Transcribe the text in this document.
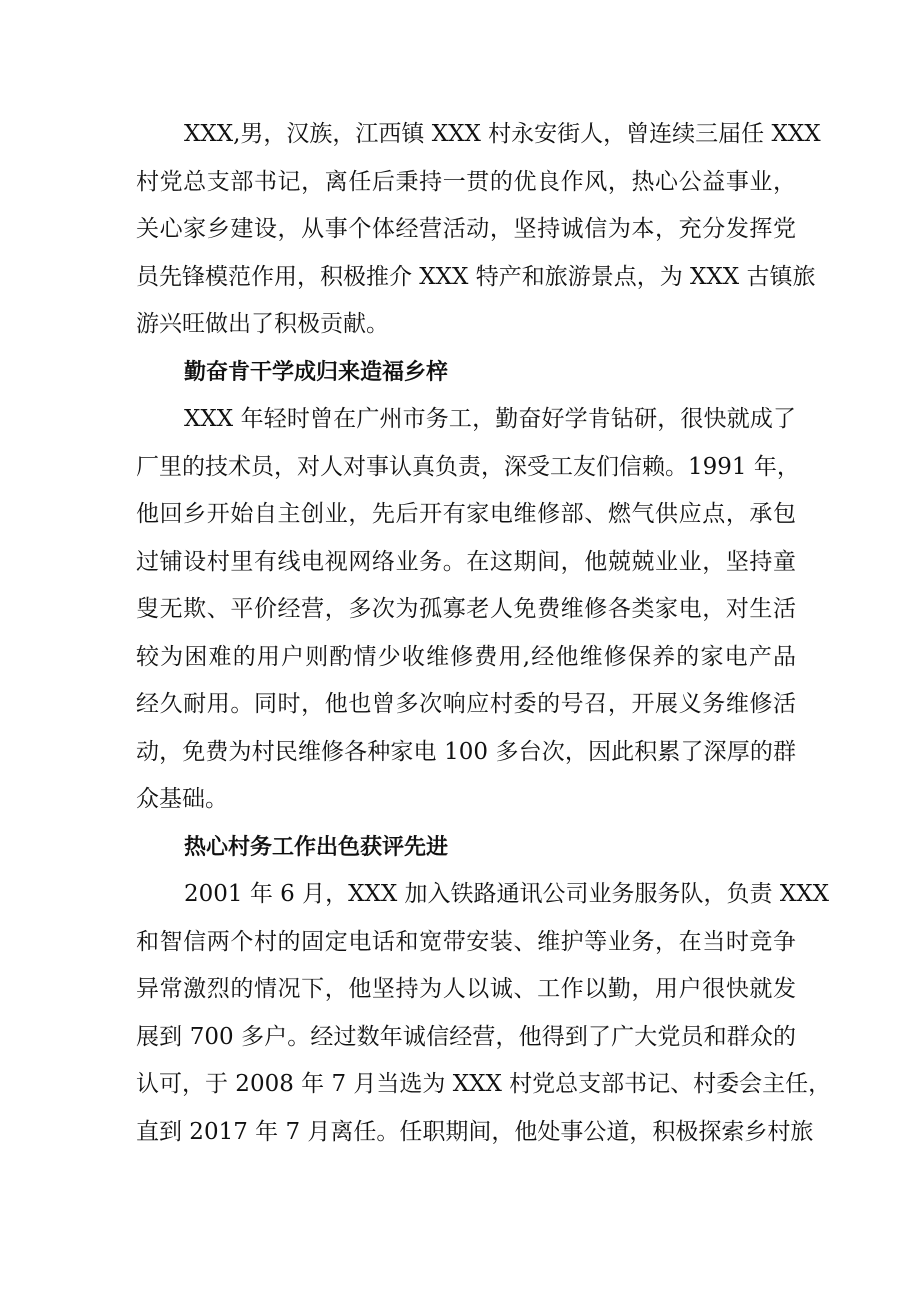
XXX,男，汉族，江西镇 XXX 村永安街人，曾连续三届任 XXX
村党总支部书记，离任后秉持一贯的优良作风，热心公益事业，
关心家乡建设，从事个体经营活动，坚持诚信为本，充分发挥党
员先锋模范作用，积极推介 XXX 特产和旅游景点，为 XXX 古镇旅
游兴旺做出了积极贡献。
勤奋肯干学成归来造福乡梓
XXX 年轻时曾在广州市务工，勤奋好学肯钻研，很快就成了
厂里的技术员，对人对事认真负责，深受工友们信赖。1991 年，
他回乡开始自主创业，先后开有家电维修部、燃气供应点，承包
过铺设村里有线电视网络业务。在这期间，他兢兢业业，坚持童
叟无欺、平价经营，多次为孤寡老人免费维修各类家电，对生活
较为困难的用户则酌情少收维修费用,经他维修保养的家电产品
经久耐用。同时，他也曾多次响应村委的号召，开展义务维修活
动，免费为村民维修各种家电 100 多台次，因此积累了深厚的群
众基础。
热心村务工作出色获评先进
2001 年 6 月，XXX 加入铁路通讯公司业务服务队，负责 XXX
和智信两个村的固定电话和宽带安装、维护等业务，在当时竞争
异常激烈的情况下，他坚持为人以诚、工作以勤，用户很快就发
展到 700 多户。经过数年诚信经营，他得到了广大党员和群众的
认可，于 2008 年 7 月当选为 XXX 村党总支部书记、村委会主任，
直到 2017 年 7 月离任。任职期间，他处事公道，积极探索乡村旅
